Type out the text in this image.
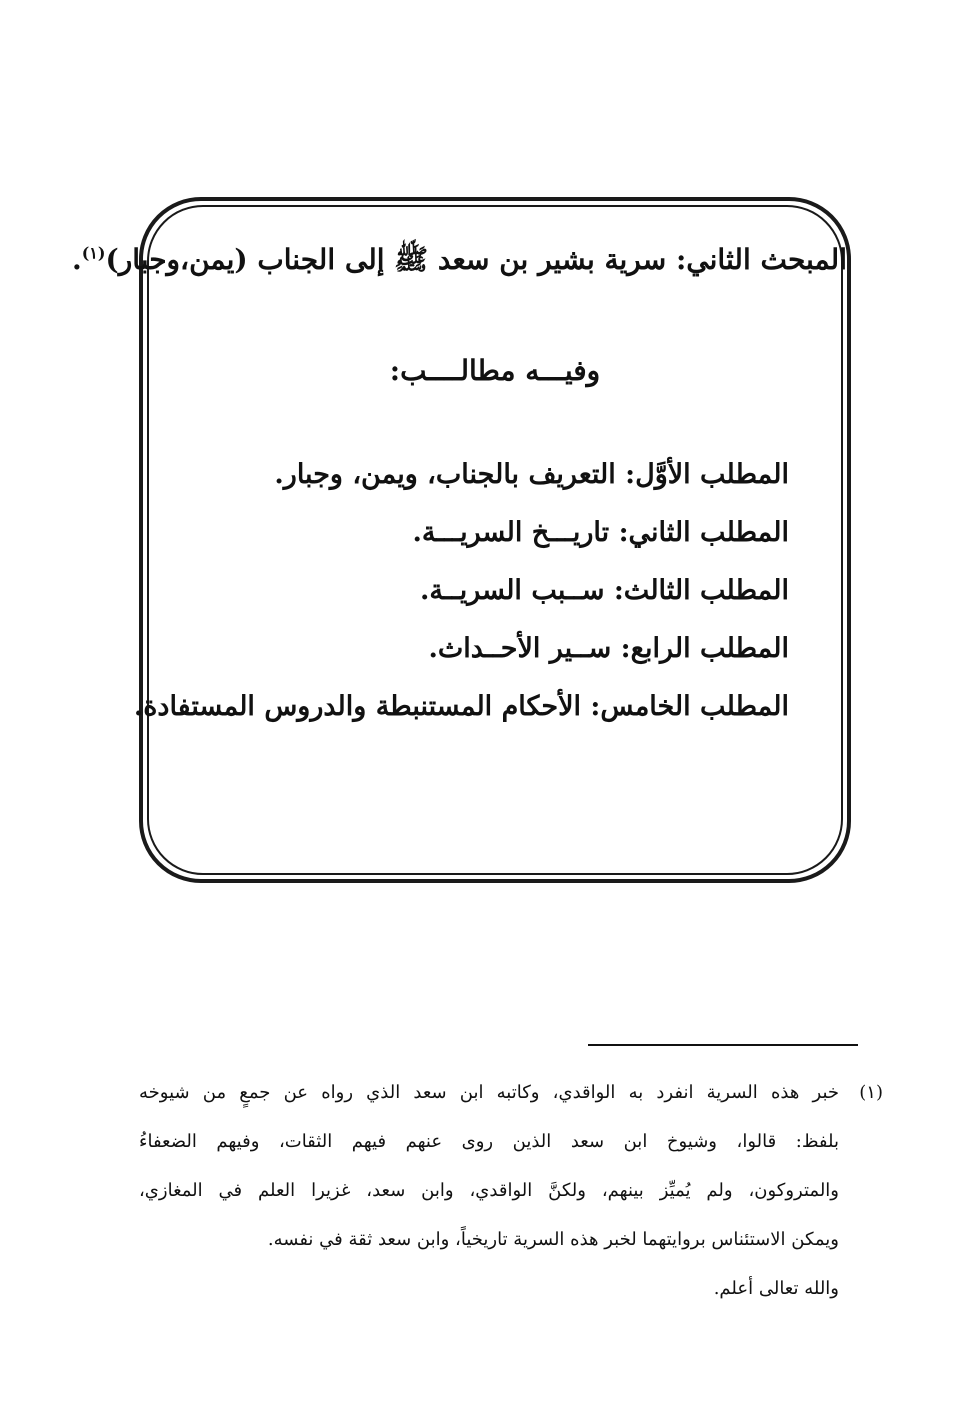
المبحث الثاني: سرية بشير بن سعد ﷺ إلى الجناب (يمن،وجبار)$^{(١)}$.
وفيـــه مطالــــب:
المطلب الأوَّل: التعريف بالجناب، ويمن، وجبار.
المطلب الثاني: تاريـــخ السريـــة.
المطلب الثالث: ســبب السريــة.
المطلب الرابع: ســير الأحــداث.
المطلب الخامس: الأحكام المستنبطة والدروس المستفادة.
(١)
خبر هذه السرية انفرد به الواقدي، وكاتبه ابن سعد الذي رواه عن جمعٍ من شيوخه
بلفظ: قالوا، وشيوخ ابن سعد الذين روى عنهم فيهم الثقات، وفيهم الضعفاءُ
والمتروكون، ولم يُميِّز بينهم، ولكنَّ الواقدي، وابن سعد، غزيرا العلم في المغازي،
ويمكن الاستئناس بروايتهما لخبر هذه السرية تاريخياً، وابن سعد ثقة في نفسه.
والله تعالى أعلم.
